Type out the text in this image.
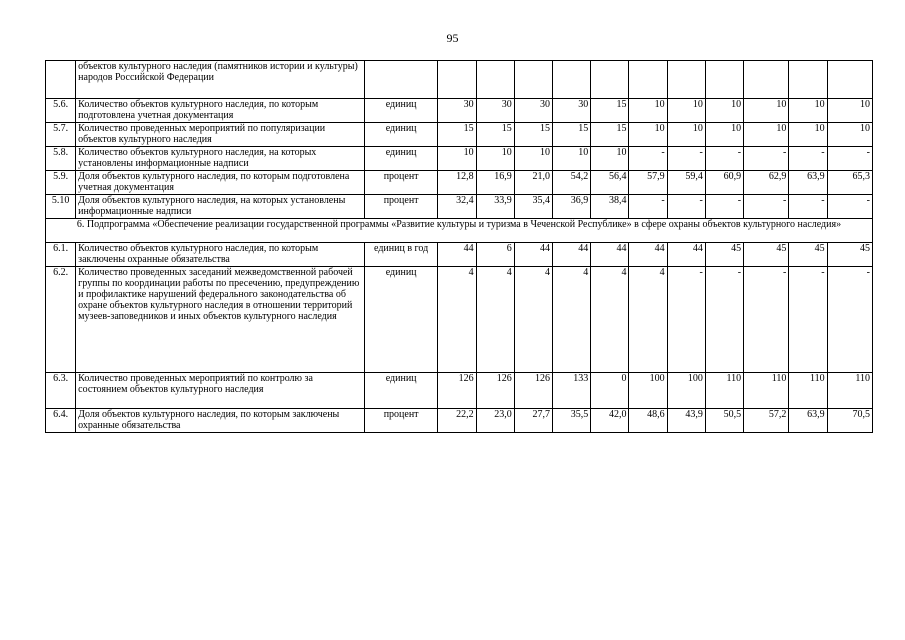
95
	объектов культурного наследия (памятников истории и культуры) народов Российской Федерации												
5.6.	Количество объектов культурного наследия, по которым подготовлена учетная документация	единиц	30	30	30	30	15	10	10	10	10	10	10
5.7.	Количество проведенных мероприятий по популяризации объектов культурного наследия	единиц	15	15	15	15	15	10	10	10	10	10	10
5.8.	Количество объектов культурного наследия, на которых установлены информационные надписи	единиц	10	10	10	10	10	-	-	-	-	-	-
5.9.	Доля объектов культурного наследия, по которым подготовлена учетная документация	процент	12,8	16,9	21,0	54,2	56,4	57,9	59,4	60,9	62,9	63,9	65,3
5.10	Доля объектов культурного наследия, на которых установлены информационные надписи	процент	32,4	33,9	35,4	36,9	38,4	-	-	-	-	-	-
6. Подпрограмма «Обеспечение реализации государственной программы «Развитие культуры и туризма в Чеченской Республике» в сфере охраны объектов культурного наследия»													
6.1.	Количество объектов культурного наследия, по которым заключены охранные обязательства	единиц в год	44	6	44	44	44	44	44	45	45	45	45
6.2.	Количество проведенных заседаний межведомственной рабочей группы по координации работы по пресечению, предупреждению и профилактике нарушений федерального законодательства об охране объектов культурного наследия в отношении территорий музеев-заповедников и иных объектов культурного наследия	единиц	4	4	4	4	4	4	-	-	-	-	-
6.3.	Количество проведенных мероприятий по контролю за состоянием объектов культурного наследия	единиц	126	126	126	133	0	100	100	110	110	110	110
6.4.	Доля объектов культурного наследия, по которым заключены охранные обязательства	процент	22,2	23,0	27,7	35,5	42,0	48,6	43,9	50,5	57,2	63,9	70,5
